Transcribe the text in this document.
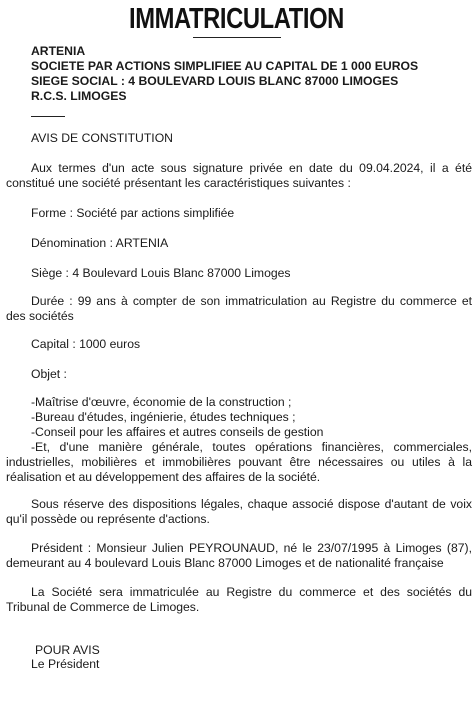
IMMATRICULATION
ARTENIA
SOCIETE PAR ACTIONS SIMPLIFIEE AU CAPITAL DE 1 000 EUROS
SIEGE SOCIAL : 4 BOULEVARD LOUIS BLANC 87000 LIMOGES
R.C.S. LIMOGES
AVIS DE CONSTITUTION
Aux termes d'un acte sous signature privée en date du 09.04.2024, il a été constitué une société présentant les caractéristiques suivantes :
Forme : Société par actions simplifiée
Dénomination : ARTENIA
Siège : 4 Boulevard Louis Blanc 87000 Limoges
Durée : 99 ans à compter de son immatriculation au Registre du commerce et des sociétés
Capital : 1000 euros
Objet :
-Maîtrise d'œuvre, économie de la construction ;
-Bureau d'études, ingénierie, études techniques ;
-Conseil pour les affaires et autres conseils de gestion
-Et, d'une manière générale, toutes opérations financières, commerciales, industrielles, mobilières et immobilières pouvant être nécessaires ou utiles à la réalisation et au développement des affaires de la société.
Sous réserve des dispositions légales, chaque associé dispose d'autant de voix qu'il possède ou représente d'actions.
Président : Monsieur Julien PEYROUNAUD, né le 23/07/1995 à Limoges (87), demeurant au 4 boulevard Louis Blanc 87000 Limoges et de nationalité française
La Société sera immatriculée au Registre du commerce et des sociétés du Tribunal de Commerce de Limoges.
POUR AVIS
Le Président
